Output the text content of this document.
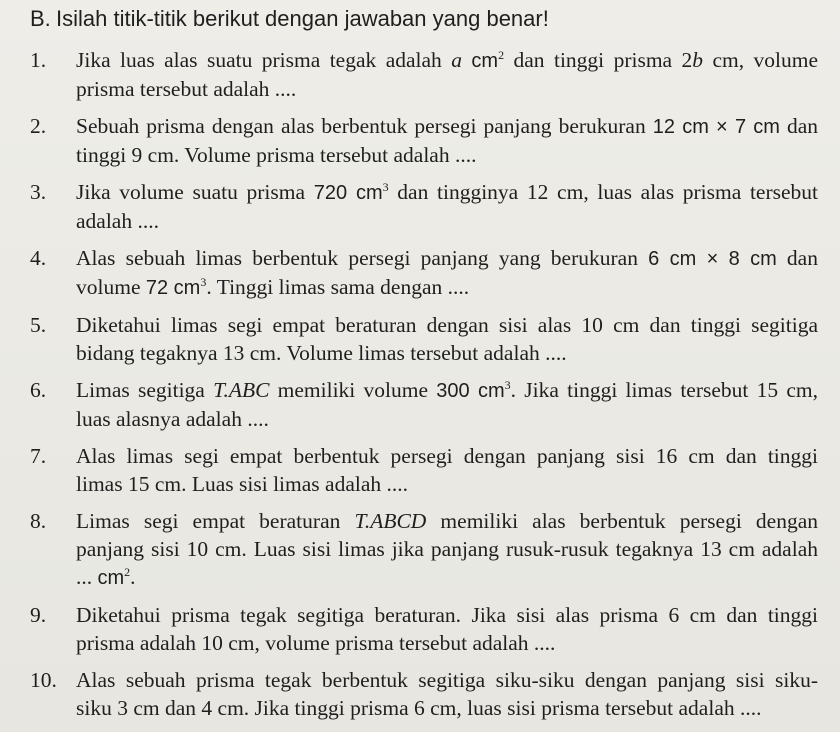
B. Isilah titik-titik berikut dengan jawaban yang benar!
1.	Jika luas alas suatu prisma tegak adalah a $cm^2$ dan tinggi prisma 2b cm, volume

prisma tersebut adalah ....

2.	Sebuah prisma dengan alas berbentuk persegi panjang berukuran 12 cm × 7 cm dan

tinggi 9 cm. Volume prisma tersebut adalah ....

3.	Jika volume suatu prisma 720 $cm^3$ dan tingginya 12 cm, luas alas prisma tersebut

adalah ....

4.	Alas sebuah limas berbentuk persegi panjang yang berukuran 6 cm × 8 cm dan

volume 72 $cm^3$. Tinggi limas sama dengan ....

5.	Diketahui limas segi empat beraturan dengan sisi alas 10 cm dan tinggi segitiga

bidang tegaknya 13 cm. Volume limas tersebut adalah ....

6.	Limas segitiga T.ABC memiliki volume 300 $cm^3$. Jika tinggi limas tersebut 15 cm,

luas alasnya adalah ....

7.	Alas limas segi empat berbentuk persegi dengan panjang sisi 16 cm dan tinggi

limas 15 cm. Luas sisi limas adalah ....

8.	Limas segi empat beraturan T.ABCD memiliki alas berbentuk persegi dengan

panjang sisi 10 cm. Luas sisi limas jika panjang rusuk-rusuk tegaknya 13 cm adalah

... $cm^2$.

9.	Diketahui prisma tegak segitiga beraturan. Jika sisi alas prisma 6 cm dan tinggi

prisma adalah 10 cm, volume prisma tersebut adalah ....

10. Alas sebuah prisma tegak berbentuk segitiga siku-siku dengan panjang sisi siku-

siku 3 cm dan 4 cm. Jika tinggi prisma 6 cm, luas sisi prisma tersebut adalah ....
